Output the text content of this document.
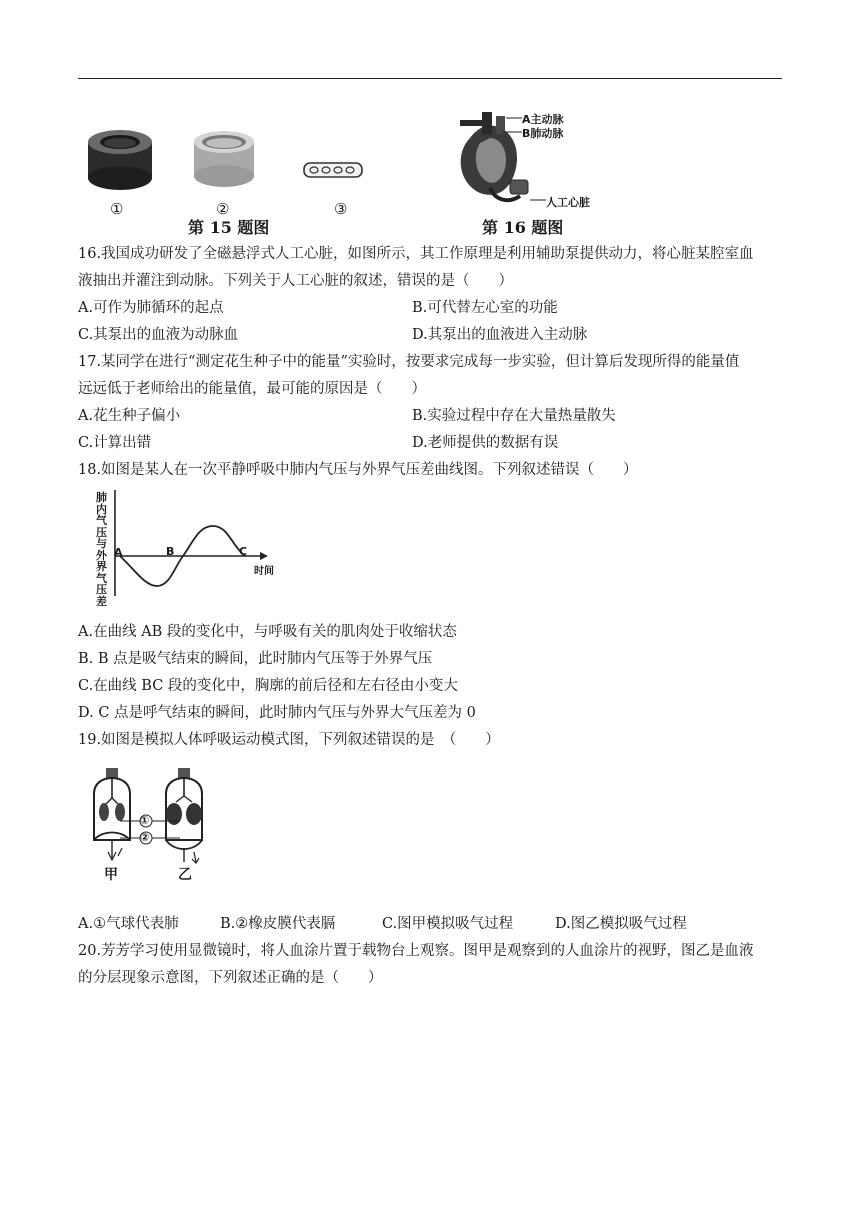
①	②	③
第 15 题图
A主动脉
B肺动脉
人工心脏
第 16 题图
16.我国成功研发了全磁悬浮式人工心脏，如图所示，其工作原理是利用辅助泵提供动力，将心脏某腔室血
液抽出并灌注到动脉。下列关于人工心脏的叙述，错误的是（　　）
A.可作为肺循环的起点	B.可代替左心室的功能
C.其泵出的血液为动脉血	D.其泵出的血液进入主动脉
17.某同学在进行“测定花生种子中的能量”实验时，按要求完成每一步实验，但计算后发现所得的能量值
远远低于老师给出的能量值，最可能的原因是（　　）
A.花生种子偏小	B.实验过程中存在大量热量散失
C.计算出错	D.老师提供的数据有误
18.如图是某人在一次平静呼吸中肺内气压与外界气压差曲线图。下列叙述错误（　　）
肺
内
气
压
与
外
界
气
压
差
A	B	C
时间
A.在曲线 AB 段的变化中，与呼吸有关的肌肉处于收缩状态
B. B 点是吸气结束的瞬间，此时肺内气压等于外界气压
C.在曲线 BC 段的变化中，胸廓的前后径和左右径由小变大
D. C 点是呼气结束的瞬间，此时肺内气压与外界大气压差为 0
19.如图是模拟人体呼吸运动模式图，下列叙述错误的是　（　　）
①
②
甲	乙
A.①气球代表肺	B.②橡皮膜代表膈	C.图甲模拟吸气过程	D.图乙模拟吸气过程
20.芳芳学习使用显微镜时，将人血涂片置于载物台上观察。图甲是观察到的人血涂片的视野，图乙是血液
的分层现象示意图，下列叙述正确的是（　　）
